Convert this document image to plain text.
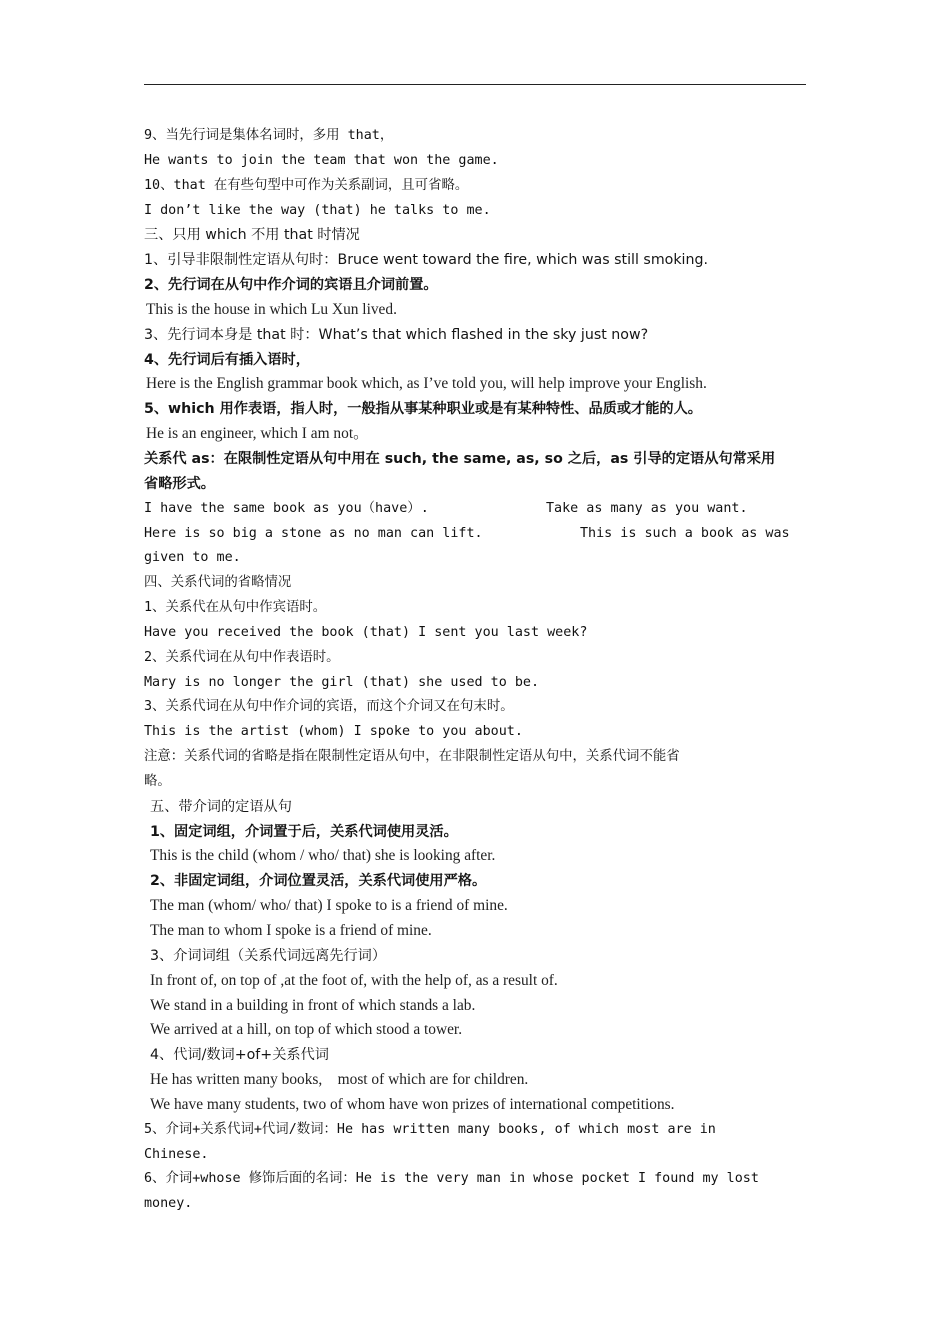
9、当先行词是集体名词时，多用 that，
He wants to join the team that won the game.
10、that 在有些句型中可作为关系副词，且可省略。
I don’t like the way (that) he talks to me.
三、只用 which 不用 that 时情况
1、引导非限制性定语从句时：Bruce went toward the fire, which was still smoking.
2、先行词在从句中作介词的宾语且介词前置。
This is the house in which Lu Xun lived.
3、先行词本身是 that 时：What’s that which flashed in the sky just now?
4、先行词后有插入语时，
Here is the English grammar book which, as I’ve told you, will help improve your English.
5、which 用作表语，指人时，一般指从事某种职业或是有某种特性、品质或才能的人。
He is an engineer, which I am not。
关系代 as：在限制性定语从句中用在 such, the same, as, so 之后，as 引导的定语从句常采用
省略形式。
I have the same book as you（have）.	Take as many as you want.
Here is so big a stone as no man can lift.	This is such a book as was
given to me.
四、关系代词的省略情况
1、关系代在从句中作宾语时。
Have you received the book (that) I sent you last week?
2、关系代词在从句中作表语时。
Mary is no longer the girl (that) she used to be.
3、关系代词在从句中作介词的宾语，而这个介词又在句末时。
This is the artist (whom) I spoke to you about.
注意：关系代词的省略是指在限制性定语从句中，在非限制性定语从句中，关系代词不能省
略。
五、带介词的定语从句
1、固定词组，介词置于后，关系代词使用灵活。
This is the child (whom / who/ that) she is looking after.
2、非固定词组，介词位置灵活，关系代词使用严格。
The man (whom/ who/ that) I spoke to is a friend of mine.
The man to whom I spoke is a friend of mine.
3、介词词组（关系代词远离先行词）
In front of, on top of ,at the foot of, with the help of, as a result of.
We stand in a building in front of which stands a lab.
We arrived at a hill, on top of which stood a tower.
4、代词/数词+of+关系代词
He has written many books,    most of which are for children.
We have many students, two of whom have won prizes of international competitions.
5、介词+关系代词+代词/数词：He has written many books, of which most are in
Chinese.
6、介词+whose 修饰后面的名词：He is the very man in whose pocket I found my lost
money.
